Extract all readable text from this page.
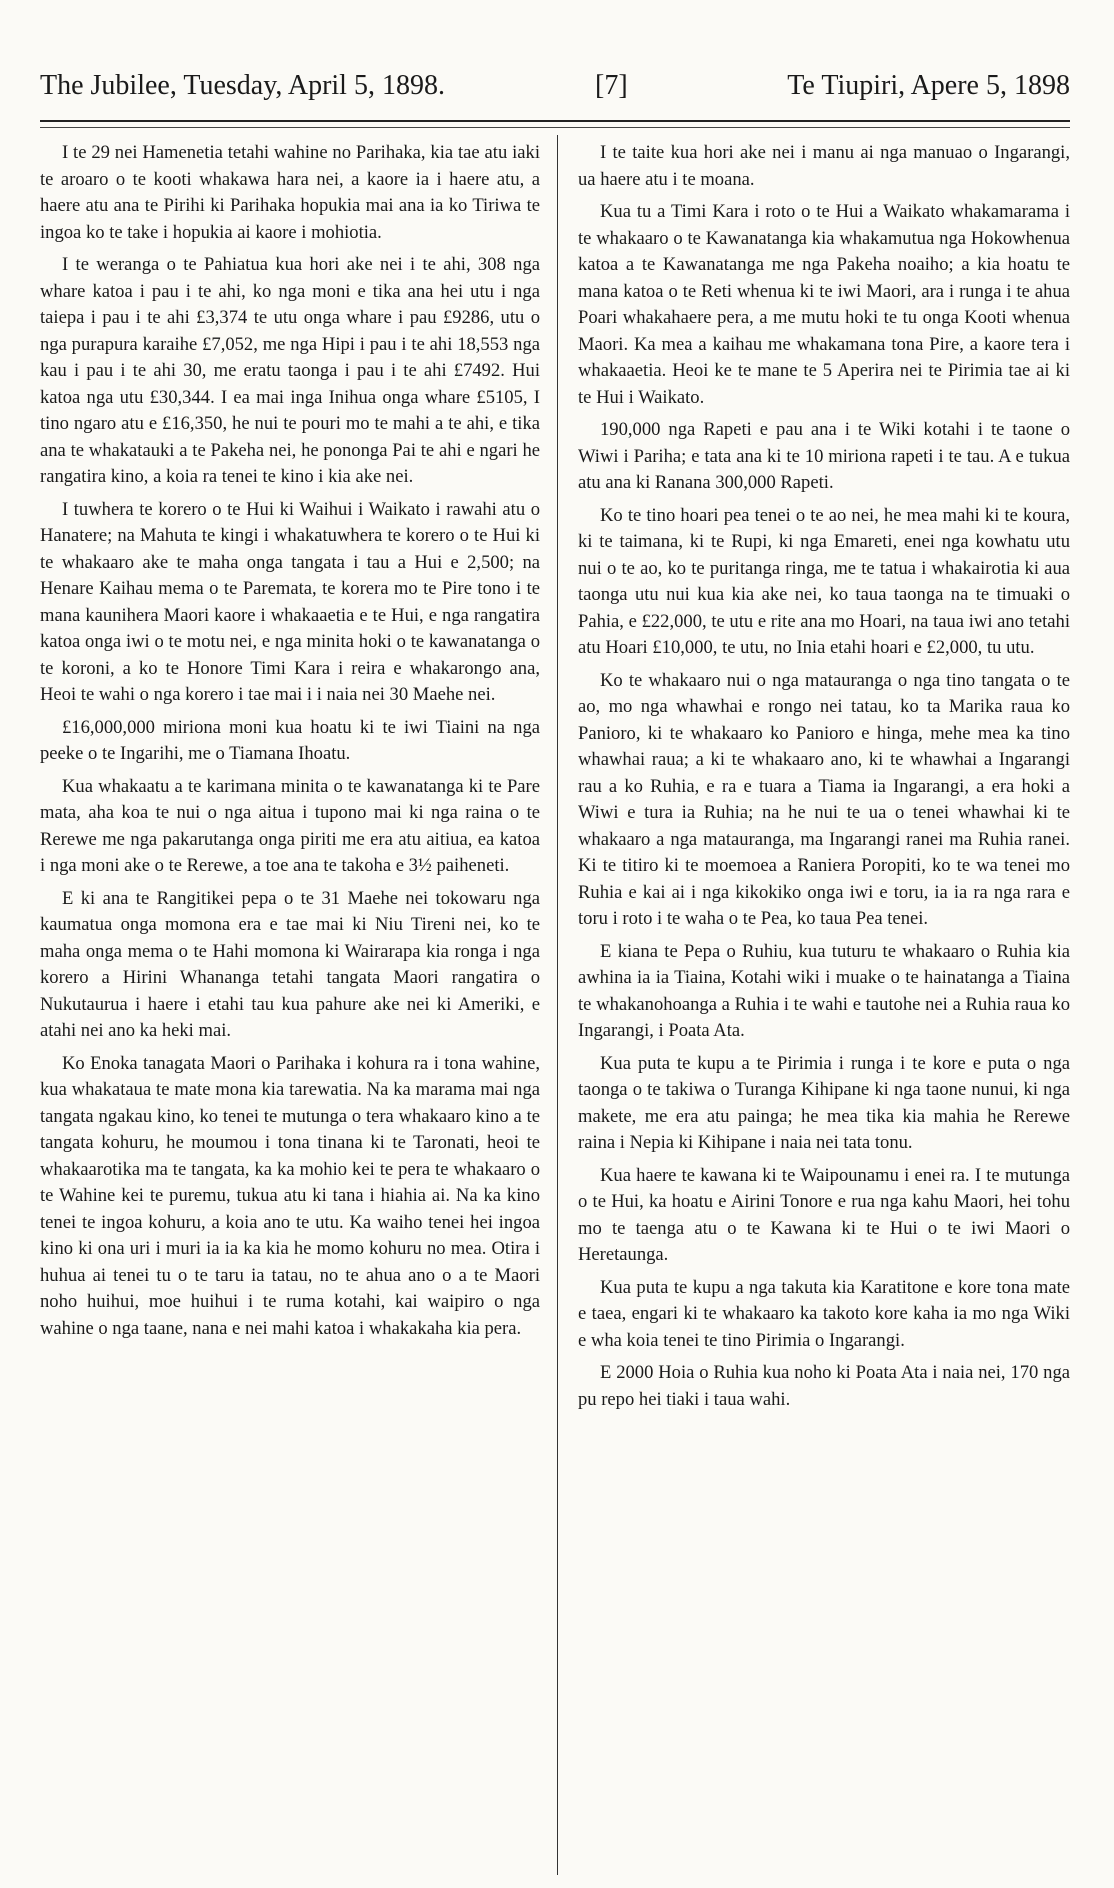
The Jubilee, Tuesday, April 5, 1898.	[7]	Te Tiupiri, Apere 5, 1898

I te 29 nei Hamenetia tetahi wahine no Parihaka, kia tae atu iaki te aroaro o te kooti whakawa hara nei, a kaore ia i haere atu, a haere atu ana te Pirihi ki Parihaka hopukia mai ana ia ko Tiriwa te ingoa ko te take i hopukia ai kaore i mohiotia.

I te weranga o te Pahiatua kua hori ake nei i te ahi, 308 nga whare katoa i pau i te ahi, ko nga moni e tika ana hei utu i nga taiepa i pau i te ahi £3,374 te utu onga whare i pau £9286, utu o nga purapura karaihe £7,052, me nga Hipi i pau i te ahi 18,553 nga kau i pau i te ahi 30, me eratu taonga i pau i te ahi £7492. Hui katoa nga utu £30,344. I ea mai inga Inihua onga whare £5105, I tino ngaro atu e £16,350, he nui te pouri mo te mahi a te ahi, e tika ana te whakatauki a te Pakeha nei, he pononga Pai te ahi e ngari he rangatira kino, a koia ra tenei te kino i kia ake nei.

I tuwhera te korero o te Hui ki Waihui i Waikato i rawahi atu o Hanatere; na Mahuta te kingi i whakatuwhera te korero o te Hui ki te whakaaro ake te maha onga tangata i tau a Hui e 2,500; na Henare Kaihau mema o te Paremata, te korera mo te Pire tono i te mana kaunihera Maori kaore i whakaaetia e te Hui, e nga rangatira katoa onga iwi o te motu nei, e nga minita hoki o te kawanatanga o te koroni, a ko te Honore Timi Kara i reira e whakarongo ana, Heoi te wahi o nga korero i tae mai i i naia nei 30 Maehe nei.

£16,000,000 miriona moni kua hoatu ki te iwi Tiaini na nga peeke o te Ingarihi, me o Tiamana Ihoatu.

Kua whakaatu a te karimana minita o te kawanatanga ki te Pare mata, aha koa te nui o nga aitua i tupono mai ki nga raina o te Rerewe me nga pakarutanga onga piriti me era atu aitiua, ea katoa i nga moni ake o te Rerewe, a toe ana te takoha e 3½ paiheneti.

E ki ana te Rangitikei pepa o te 31 Maehe nei tokowaru nga kaumatua onga momona era e tae mai ki Niu Tireni nei, ko te maha onga mema o te Hahi momona ki Wairarapa kia ronga i nga korero a Hirini Whananga tetahi tangata Maori rangatira o Nukutaurua i haere i etahi tau kua pahure ake nei ki Ameriki, e atahi nei ano ka heki mai.

Ko Enoka tanagata Maori o Parihaka i kohura ra i tona wahine, kua whakataua te mate mona kia tarewatia. Na ka marama mai nga tangata ngakau kino, ko tenei te mutunga o tera whakaaro kino a te tangata kohuru, he moumou i tona tinana ki te Taronati, heoi te whakaarotika ma te tangata, ka ka mohio kei te pera te whakaaro o te Wahine kei te puremu, tukua atu ki tana i hiahia ai. Na ka kino tenei te ingoa kohuru, a koia ano te utu. Ka waiho tenei hei ingoa kino ki ona uri i muri ia ia ka kia he momo kohuru no mea. Otira i huhua ai tenei tu o te taru ia tatau, no te ahua ano o a te Maori noho huihui, moe huihui i te ruma kotahi, kai waipiro o nga wahine o nga taane, nana e nei mahi katoa i whakakaha kia pera.

I te taite kua hori ake nei i manu ai nga manuao o Ingarangi, ua haere atu i te moana.

Kua tu a Timi Kara i roto o te Hui a Waikato whakamarama i te whakaaro o te Kawanatanga kia whakamutua nga Hokowhenua katoa a te Kawanatanga me nga Pakeha noaiho; a kia hoatu te mana katoa o te Reti whenua ki te iwi Maori, ara i runga i te ahua Poari whakahaere pera, a me mutu hoki te tu onga Kooti whenua Maori. Ka mea a kaihau me whakamana tona Pire, a kaore tera i whakaaetia. Heoi ke te mane te 5 Aperira nei te Pirimia tae ai ki te Hui i Waikato.

190,000 nga Rapeti e pau ana i te Wiki kotahi i te taone o Wiwi i Pariha; e tata ana ki te 10 miriona rapeti i te tau. A e tukua atu ana ki Ranana 300,000 Rapeti.

Ko te tino hoari pea tenei o te ao nei, he mea mahi ki te koura, ki te taimana, ki te Rupi, ki nga Emareti, enei nga kowhatu utu nui o te ao, ko te puritanga ringa, me te tatua i whakairotia ki aua taonga utu nui kua kia ake nei, ko taua taonga na te timuaki o Pahia, e £22,000, te utu e rite ana mo Hoari, na taua iwi ano tetahi atu Hoari £10,000, te utu, no Inia etahi hoari e £2,000, tu utu.

Ko te whakaaro nui o nga matauranga o nga tino tangata o te ao, mo nga whawhai e rongo nei tatau, ko ta Marika raua ko Panioro, ki te whakaaro ko Panioro e hinga, mehe mea ka tino whawhai raua; a ki te whakaaro ano, ki te whawhai a Ingarangi rau a ko Ruhia, e ra e tuara a Tiama ia Ingarangi, a era hoki a Wiwi e tura ia Ruhia; na he nui te ua o tenei whawhai ki te whakaaro a nga matauranga, ma Ingarangi ranei ma Ruhia ranei. Ki te titiro ki te moemoea a Raniera Poropiti, ko te wa tenei mo Ruhia e kai ai i nga kikokiko onga iwi e toru, ia ia ra nga rara e toru i roto i te waha o te Pea, ko taua Pea tenei.

E kiana te Pepa o Ruhiu, kua tuturu te whakaaro o Ruhia kia awhina ia ia Tiaina, Kotahi wiki i muake o te hainatanga a Tiaina te whakanohoanga a Ruhia i te wahi e tautohe nei a Ruhia raua ko Ingarangi, i Poata Ata.

Kua puta te kupu a te Pirimia i runga i te kore e puta o nga taonga o te takiwa o Turanga Kihipane ki nga taone nunui, ki nga makete, me era atu painga; he mea tika kia mahia he Rerewe raina i Nepia ki Kihipane i naia nei tata tonu.

Kua haere te kawana ki te Waipounamu i enei ra. I te mutunga o te Hui, ka hoatu e Airini Tonore e rua nga kahu Maori, hei tohu mo te taenga atu o te Kawana ki te Hui o te iwi Maori o Heretaunga.

Kua puta te kupu a nga takuta kia Karatitone e kore tona mate e taea, engari ki te whakaaro ka takoto kore kaha ia mo nga Wiki e wha koia tenei te tino Pirimia o Ingarangi.

E 2000 Hoia o Ruhia kua noho ki Poata Ata i naia nei, 170 nga pu repo hei tiaki i taua wahi.
